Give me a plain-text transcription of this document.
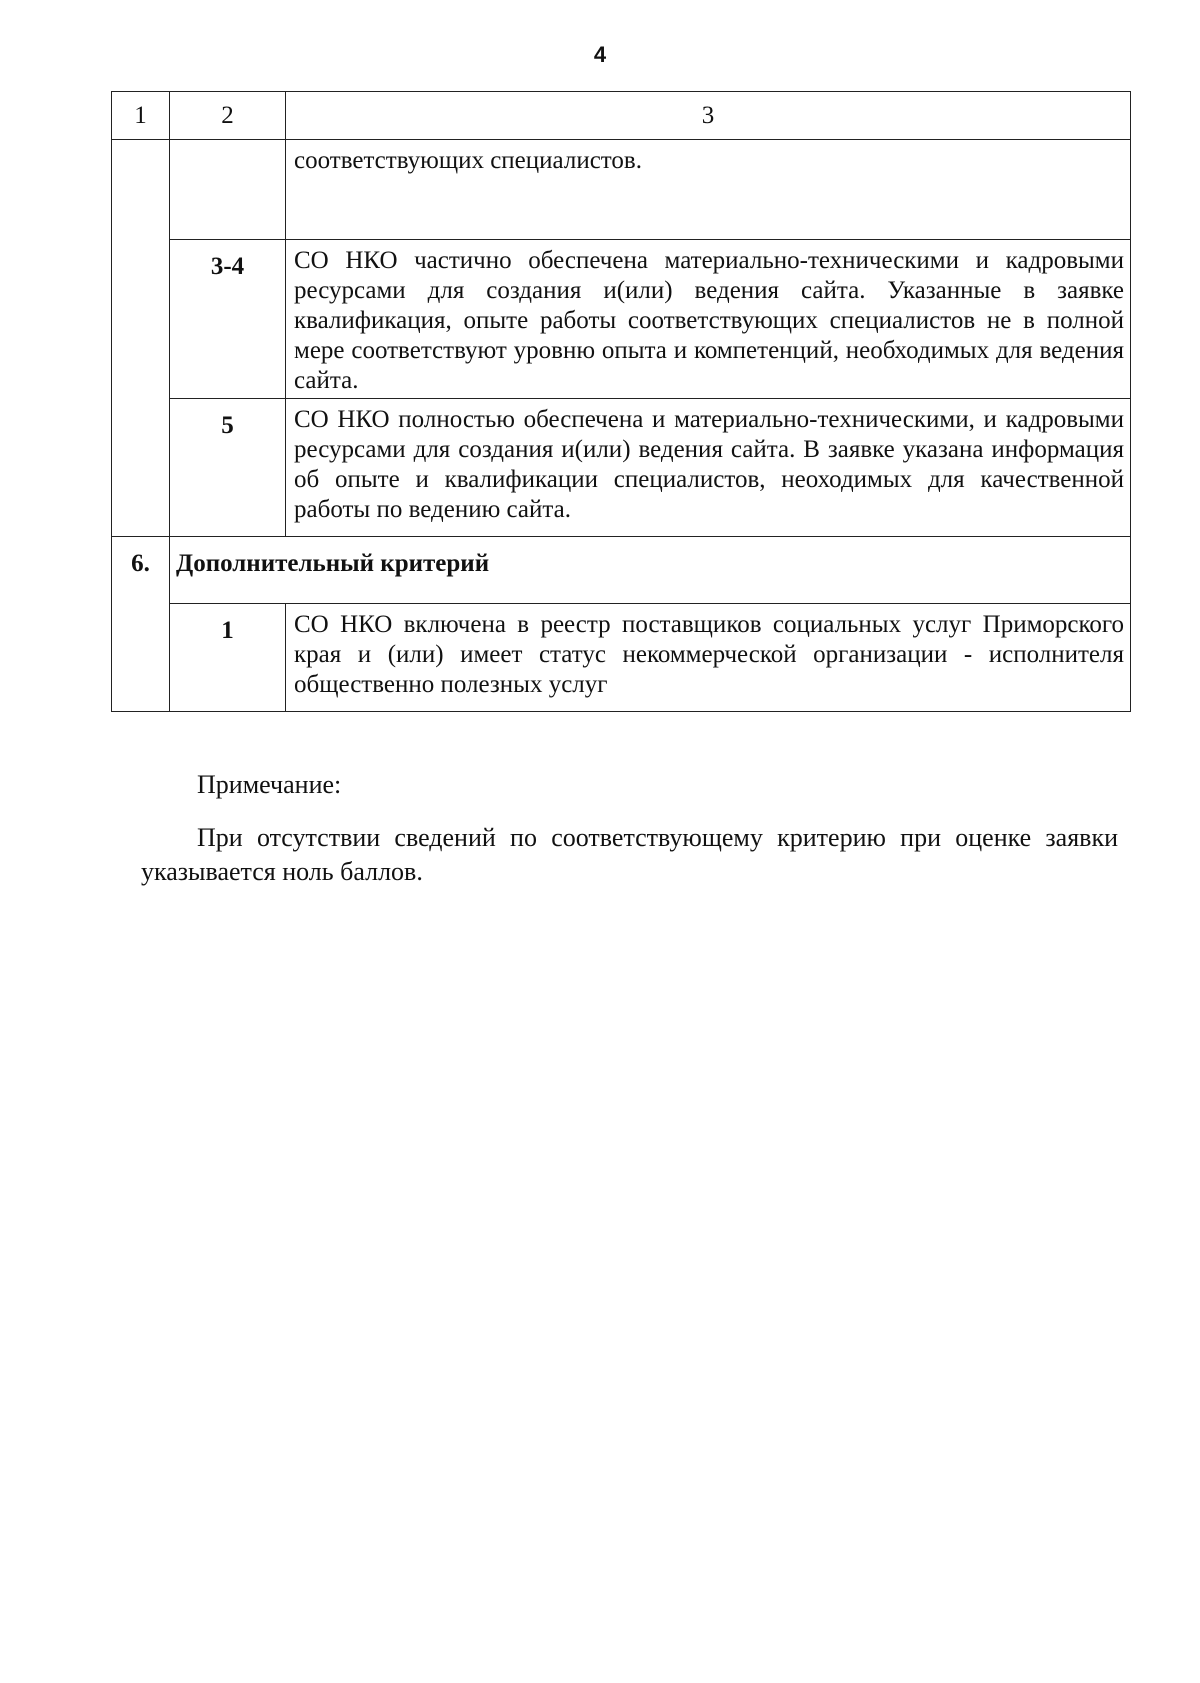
4
1	2	3

		соответствующих специалистов.

	3-4	СО НКО частично обеспечена материально-техническими и кадровыми ресурсами для создания и(или) ведения сайта. Указанные в заявке квалификация, опыте работы соответствующих специалистов не в полной мере соответствуют уровню опыта и компетенций, необходимых для ведения сайта.

	5	СО НКО полностью обеспечена и материально-техническими, и кадровыми ресурсами для создания и(или) ведения сайта. В заявке указана информация об опыте и квалификации специалистов, неоходимых для качественной работы по ведению сайта.

6.	Дополнительный критерий	

	1	СО НКО включена в реестр поставщиков социальных услуг Приморского края и (или) имеет статус некоммерческой организации - исполнителя общественно полезных услуг
Примечание:
При отсутствии сведений по соответствующему критерию при оценке заявки указывается ноль баллов.
